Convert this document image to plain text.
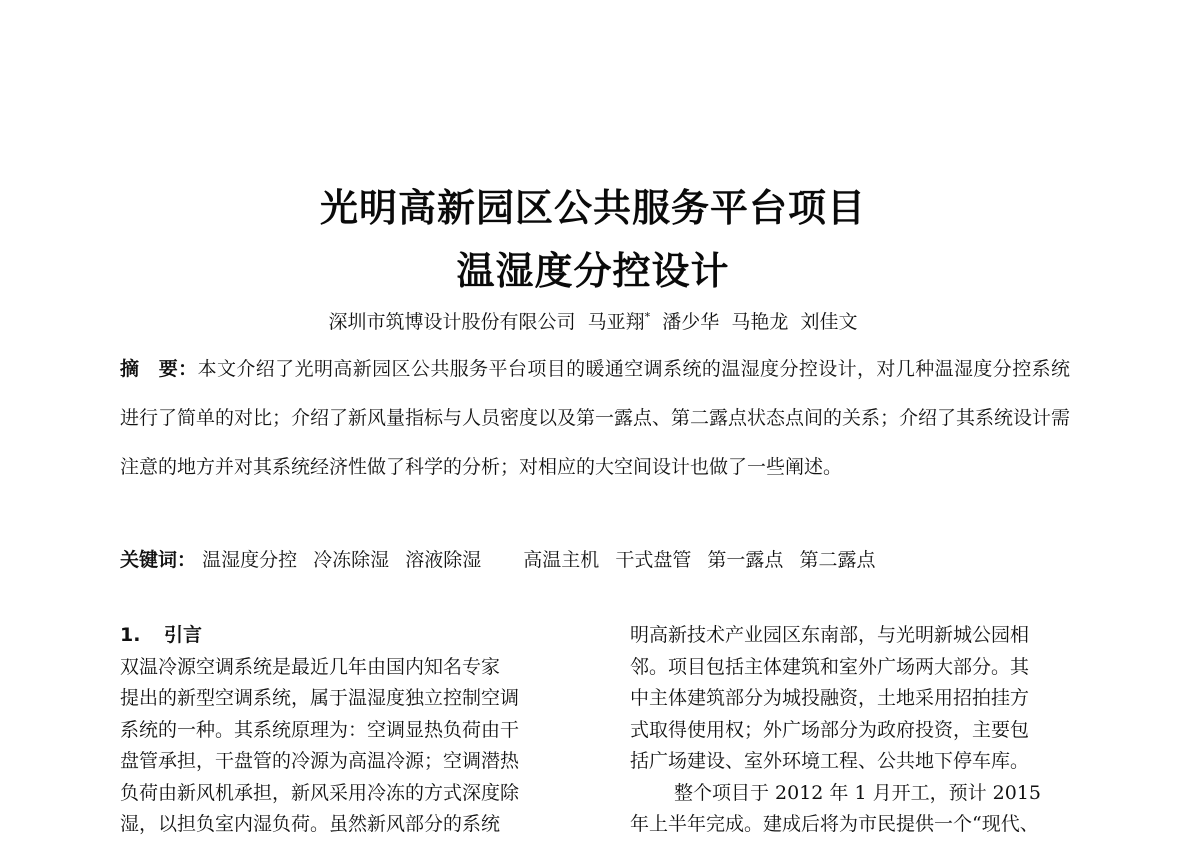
光明高新园区公共服务平台项目
温湿度分控设计
深圳市筑博设计股份有限公司 马亚翔* 潘少华 马艳龙 刘佳文
摘　要：本文介绍了光明高新园区公共服务平台项目的暖通空调系统的温湿度分控设计，对几种温湿度分控系统进行了简单的对比；介绍了新风量指标与人员密度以及第一露点、第二露点状态点间的关系；介绍了其系统设计需注意的地方并对其系统经济性做了科学的分析；对相应的大空间设计也做了一些阐述。
关键词： 温湿度分控 冷冻除湿 溶液除湿 高温主机 干式盘管 第一露点 第二露点
1. 引言
双温冷源空调系统是最近几年由国内知名专家
提出的新型空调系统，属于温湿度独立控制空调
系统的一种。其系统原理为：空调显热负荷由干
盘管承担，干盘管的冷源为高温冷源；空调潜热
负荷由新风机承担，新风采用冷冻的方式深度除
湿，以担负室内湿负荷。虽然新风部分的系统
明高新技术产业园区东南部，与光明新城公园相
邻。项目包括主体建筑和室外广场两大部分。其
中主体建筑部分为城投融资，土地采用招拍挂方
式取得使用权；外广场部分为政府投资，主要包
括广场建设、室外环境工程、公共地下停车库。
整个项目于 2012 年 1 月开工，预计 2015
年上半年完成。建成后将为市民提供一个“现代、
